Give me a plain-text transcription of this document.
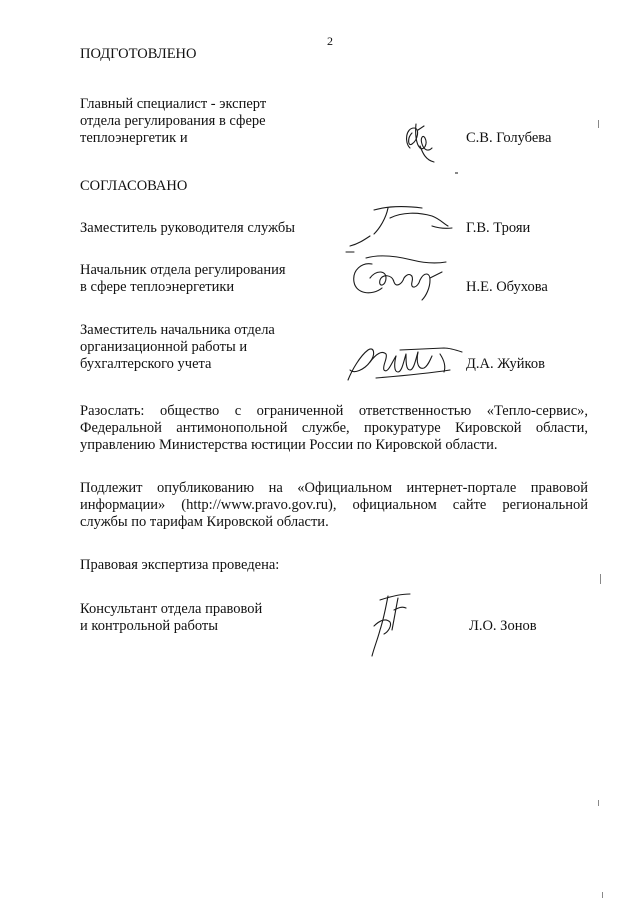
2
ПОДГОТОВЛЕНО
Главный специалист - эксперт
отдела регулирования в сфере
теплоэнергетик и	С.В. Голубева
СОГЛАСОВАНО
Заместитель руководителя службы	Г.В. Трояи
Начальник отдела регулирования
в сфере теплоэнергетики	Н.Е. Обухова
Заместитель начальника отдела
организационной работы и
бухгалтерского учета	Д.А. Жуйков
Разослать: общество с ограниченной ответственностью «Тепло-сервис»,
Федеральной антимонопольной службе, прокуратуре Кировской области,
управлению Министерства юстиции России по Кировской области.
Подлежит опубликованию на «Официальном интернет-портале правовой
информации» (http://www.pravo.gov.ru), официальном сайте региональной
службы по тарифам Кировской области.
Правовая экспертиза проведена:
Консультант отдела правовой
и контрольной работы	Л.О. Зонов
